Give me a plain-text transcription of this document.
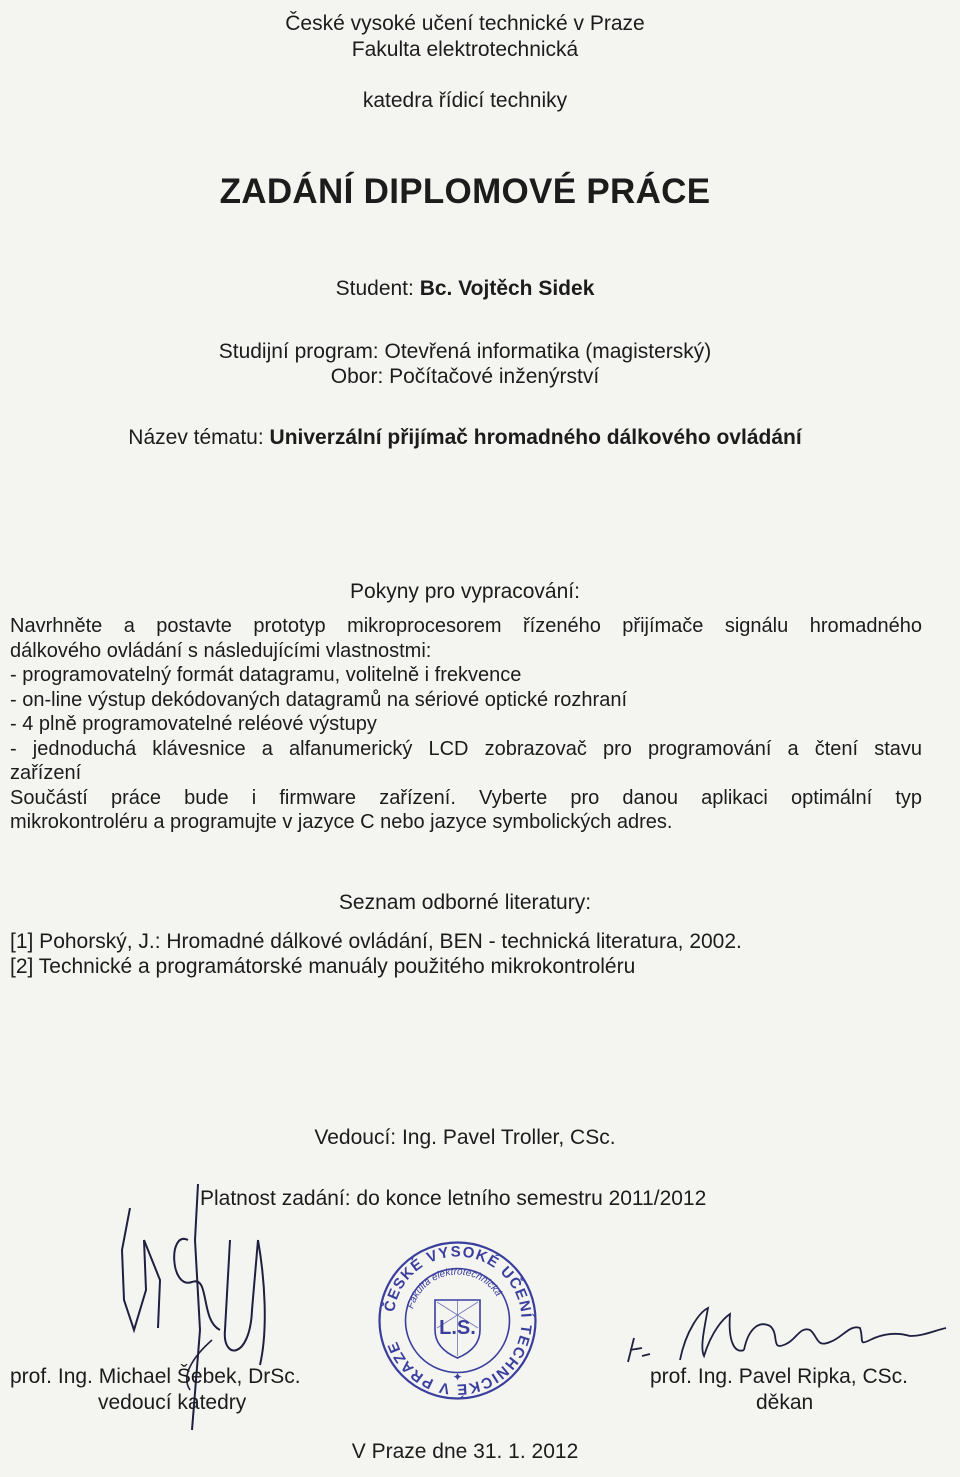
České vysoké učení technické v Praze
Fakulta elektrotechnická
katedra řídicí techniky
ZADÁNÍ DIPLOMOVÉ PRÁCE
Student: Bc. Vojtěch Sidek
Studijní program: Otevřená informatika (magisterský)
Obor: Počítačové inženýrství
Název tématu: Univerzální přijímač hromadného dálkového ovládání
Pokyny pro vypracování:
Navrhněte a postavte prototyp mikroprocesorem řízeného přijímače signálu hromadného
dálkového ovládání s následujícími vlastnostmi:
- programovatelný formát datagramu, volitelně i frekvence
- on-line výstup dekódovaných datagramů na sériové optické rozhraní
- 4 plně programovatelné reléové výstupy
- jednoduchá klávesnice a alfanumerický LCD zobrazovač pro programování a čtení stavu
zařízení
Součástí práce bude i firmware zařízení. Vyberte pro danou aplikaci optimální typ
mikrokontroléru a programujte v jazyce C nebo jazyce symbolických adres.
Seznam odborné literatury:
[1] Pohorský, J.: Hromadné dálkové ovládání, BEN - technická literatura, 2002.
[2] Technické a programátorské manuály použitého mikrokontroléru
Vedoucí: Ing. Pavel Troller, CSc.
Platnost zadání: do konce letního semestru 2011/2012
ČESKÉ VYSOKÉ UČENÍ TECHNICKÉ V PRAZE
Fakulta elektrotechnická
L.S.
✦
prof. Ing. Michael Šebek, DrSc.
vedoucí katedry
prof. Ing. Pavel Ripka, CSc.
děkan
V Praze dne 31. 1. 2012
